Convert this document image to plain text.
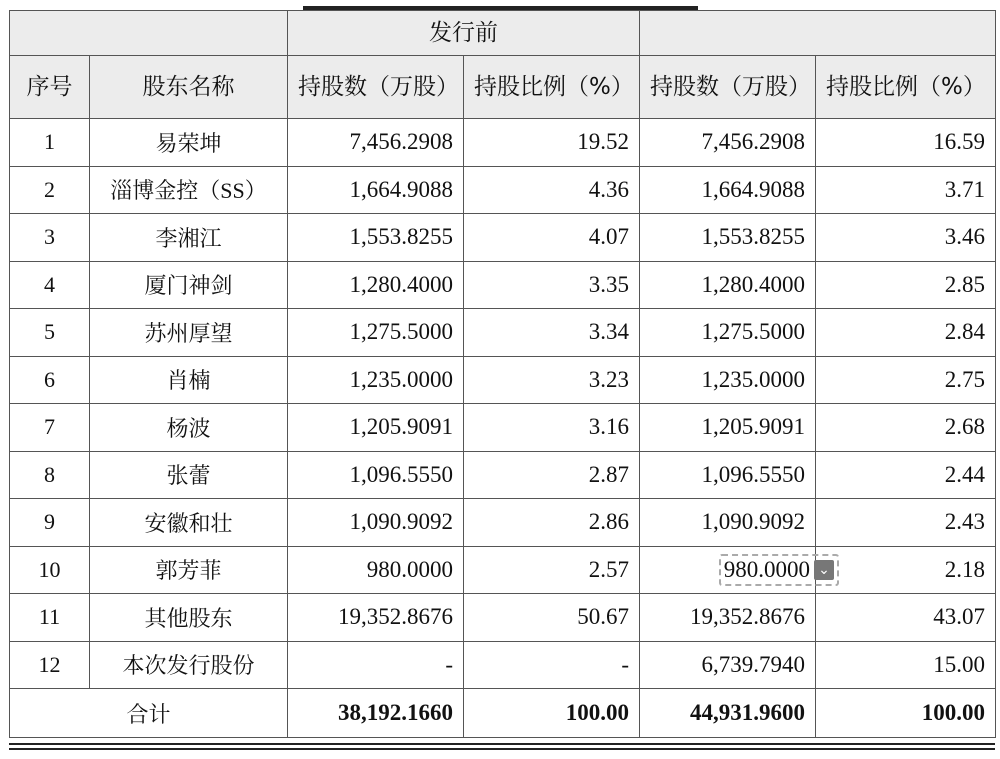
		发行前			
序号	股东名称	持股数（万股）	持股比例（%）	持股数（万股）	持股比例（%）
1	易荣坤	7,456.2908	19.52	7,456.2908	16.59
2	淄博金控（SS）	1,664.9088	4.36	1,664.9088	3.71
3	李湘江	1,553.8255	4.07	1,553.8255	3.46
4	厦门神剑	1,280.4000	3.35	1,280.4000	2.85
5	苏州厚望	1,275.5000	3.34	1,275.5000	2.84
6	肖楠	1,235.0000	3.23	1,235.0000	2.75
7	杨波	1,205.9091	3.16	1,205.9091	2.68
8	张蕾	1,096.5550	2.87	1,096.5550	2.44
9	安徽和壮	1,090.9092	2.86	1,090.9092	2.43
10	郭芳菲	980.0000	2.57	980.0000 ⌄	2.18
11	其他股东	19,352.8676	50.67	19,352.8676	43.07
12	本次发行股份	-	-	6,739.7940	15.00
合计		38,192.1660	100.00	44,931.9600	100.00
